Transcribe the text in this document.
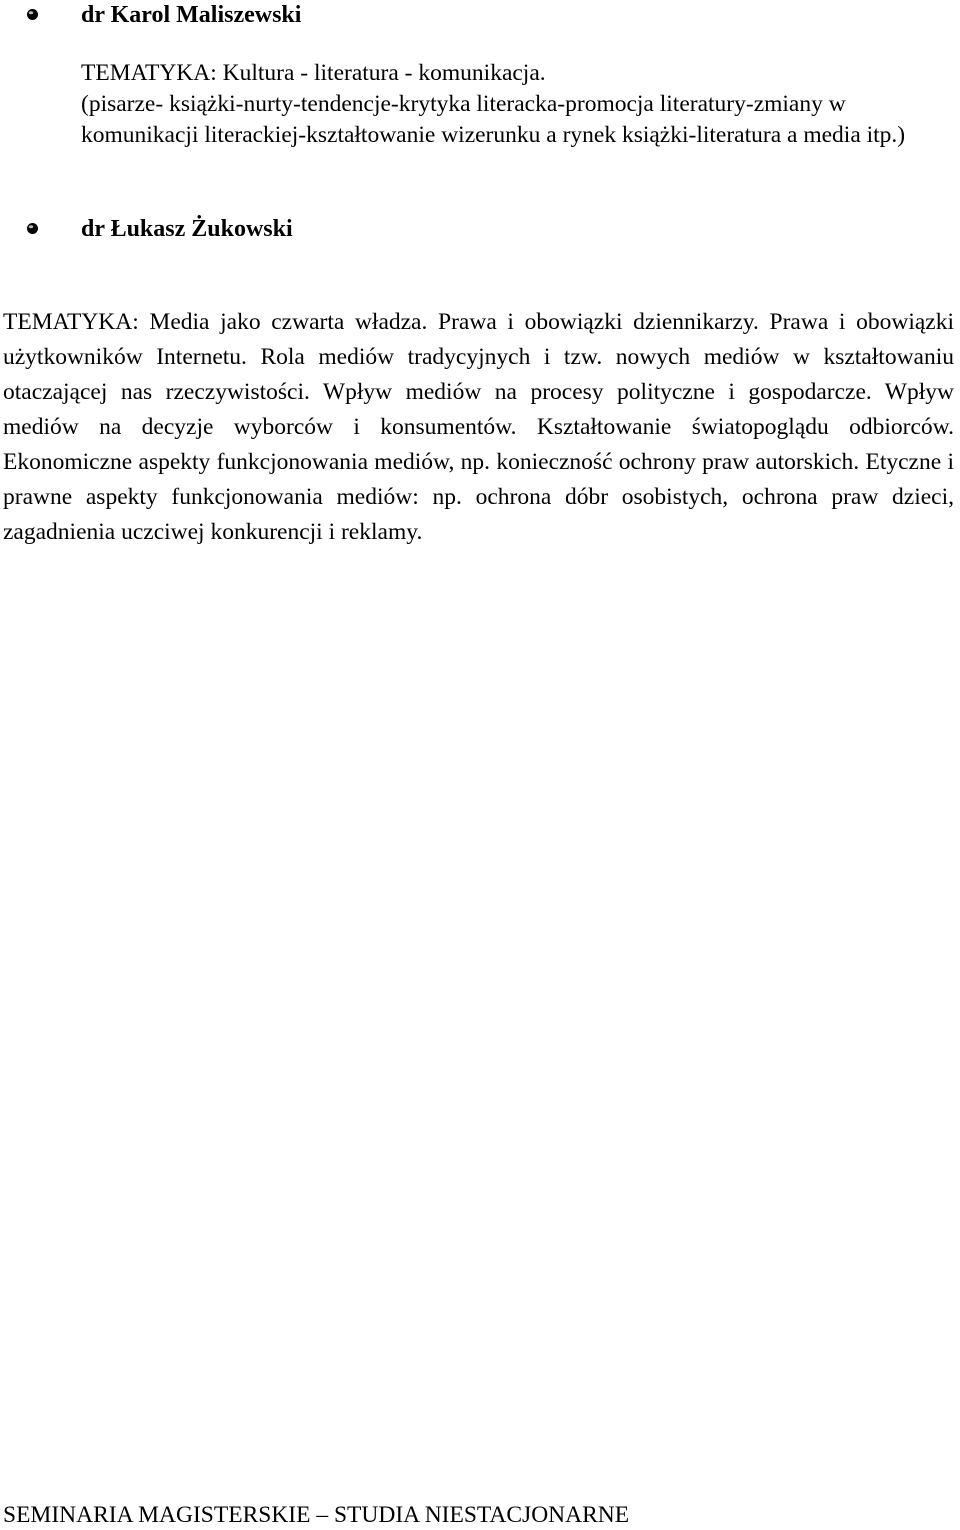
dr Karol Maliszewski

TEMATYKA: Kultura - literatura - komunikacja.

(pisarze- książki-nurty-tendencje-krytyka literacka-promocja literatury-zmiany w komunikacji literackiej-kształtowanie wizerunku a rynek książki-literatura a media itp.)

dr Łukasz Żukowski

TEMATYKA: Media jako czwarta władza. Prawa i obowiązki dziennikarzy. Prawa i obowiązki użytkowników Internetu. Rola mediów tradycyjnych i tzw. nowych mediów w kształtowaniu otaczającej nas rzeczywistości. Wpływ mediów na procesy polityczne i gospodarcze. Wpływ mediów na decyzje wyborców i konsumentów. Kształtowanie światopoglądu odbiorców. Ekonomiczne aspekty funkcjonowania mediów, np. konieczność ochrony praw autorskich. Etyczne i prawne aspekty funkcjonowania mediów: np. ochrona dóbr osobistych, ochrona praw dzieci, zagadnienia uczciwej konkurencji i reklamy.

SEMINARIA MAGISTERSKIE – STUDIA NIESTACJONARNE
